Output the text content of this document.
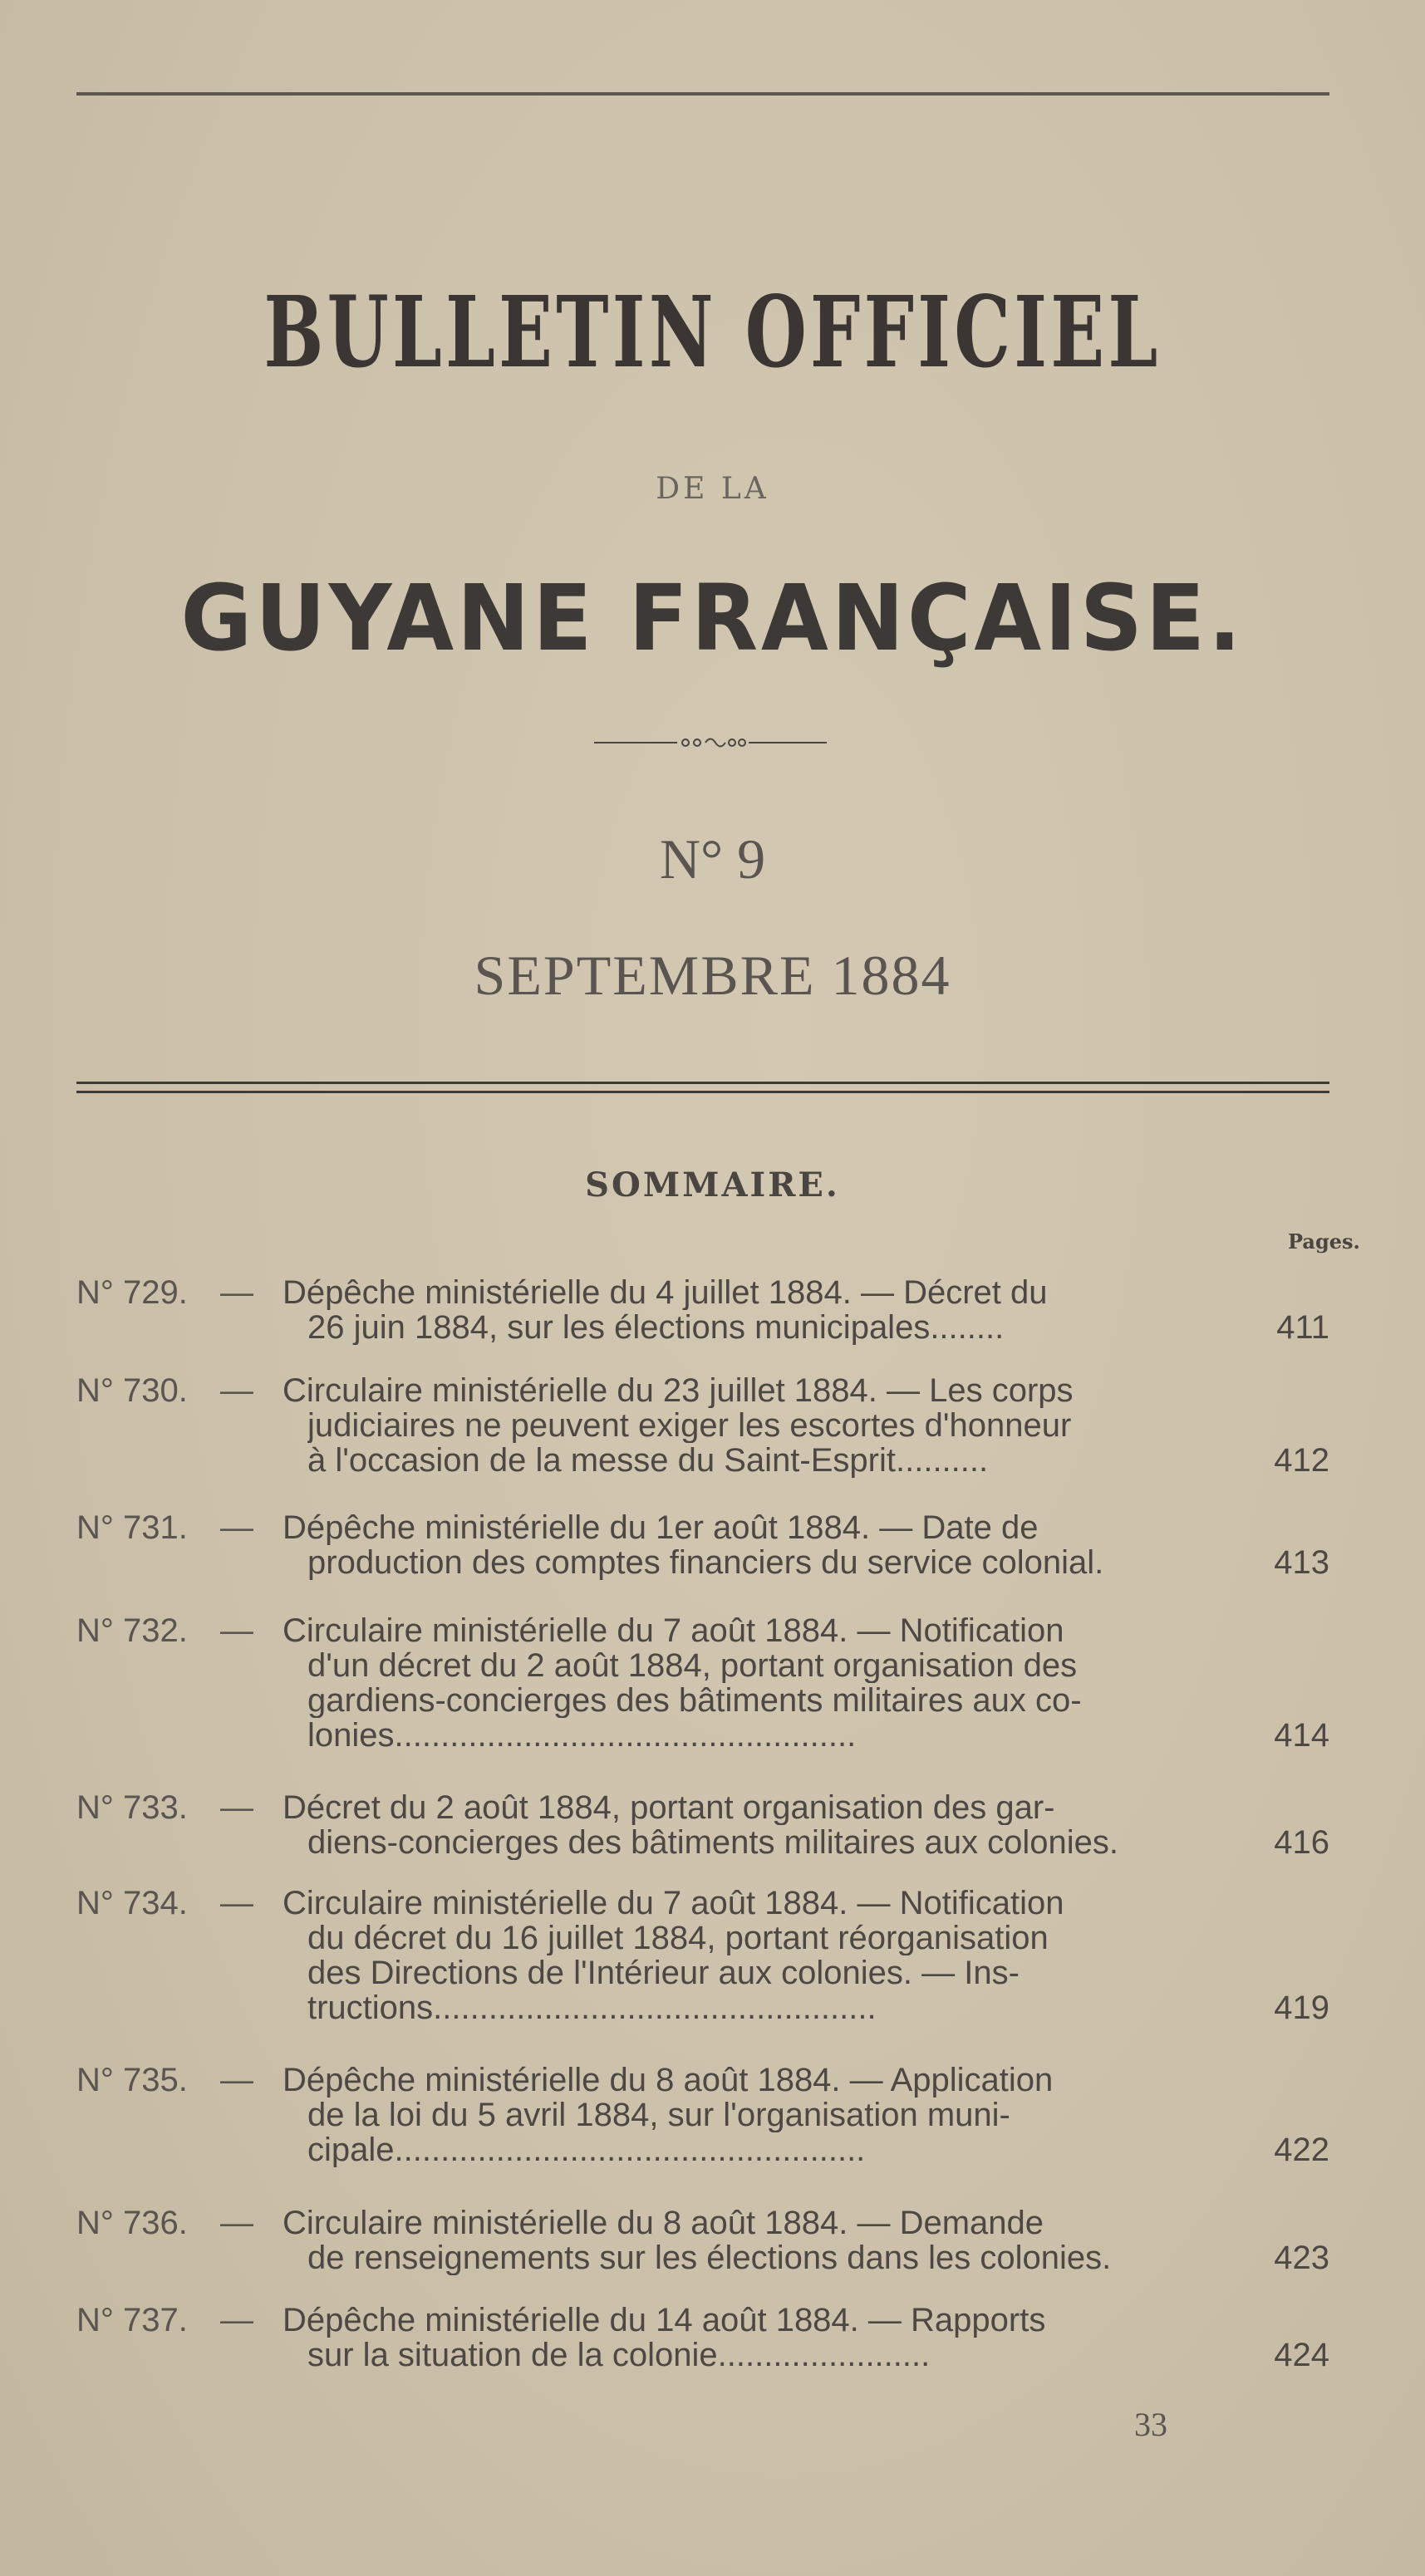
BULLETIN OFFICIEL
DE LA
GUYANE FRANÇAISE.
N° 9
SEPTEMBRE 1884
SOMMAIRE.
Pages.
N° 729. — Dépêche ministérielle du 4 juillet 1884. — Décret du
26 juin 1884, sur les élections municipales........	411
N° 730. — Circulaire ministérielle du 23 juillet 1884. — Les corps
judiciaires ne peuvent exiger les escortes d'honneur
à l'occasion de la messe du Saint-Esprit..........	412
N° 731. — Dépêche ministérielle du 1er août 1884. — Date de
production des comptes financiers du service colonial.	413
N° 732. — Circulaire ministérielle du 7 août 1884. — Notification
d'un décret du 2 août 1884, portant organisation des
gardiens-concierges des bâtiments militaires aux co-
lonies..................................................	414
N° 733. — Décret du 2 août 1884, portant organisation des gar-
diens-concierges des bâtiments militaires aux colonies.	416
N° 734. — Circulaire ministérielle du 7 août 1884. — Notification
du décret du 16 juillet 1884, portant réorganisation
des Directions de l'Intérieur aux colonies. — Ins-
tructions................................................	419
N° 735. — Dépêche ministérielle du 8 août 1884. — Application
de la loi du 5 avril 1884, sur l'organisation muni-
cipale...................................................	422
N° 736. — Circulaire ministérielle du 8 août 1884. — Demande
de renseignements sur les élections dans les colonies.	423
N° 737. — Dépêche ministérielle du 14 août 1884. — Rapports
sur la situation de la colonie.......................	424
33
